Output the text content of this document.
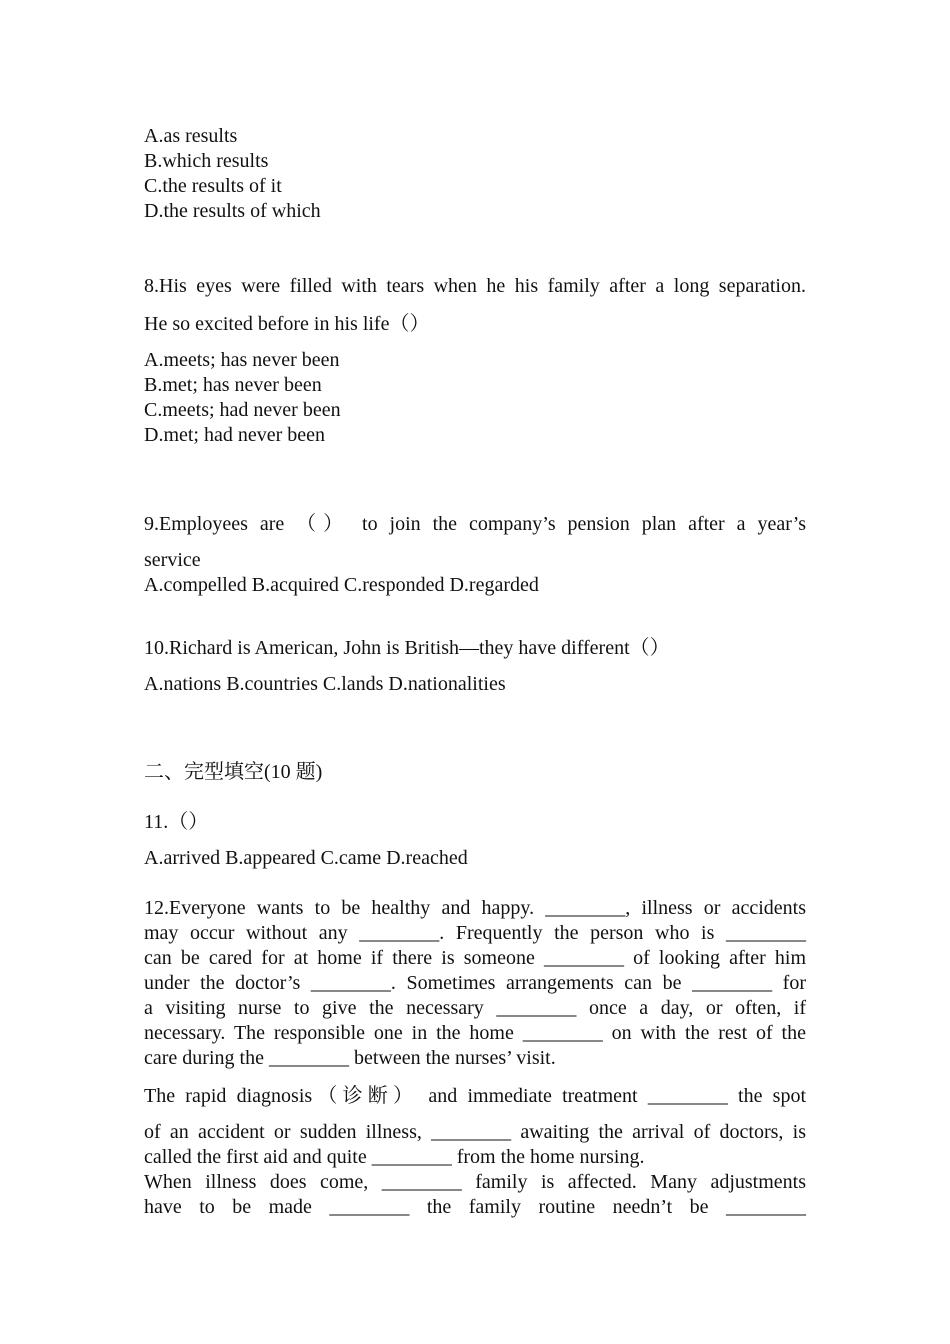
A.as results
B.which results
C.the results of it
D.the results of which
8.His eyes were filled with tears when he his family after a long separation.
He so excited before in his life（）
A.meets; has never been
B.met; has never been
C.meets; had never been
D.met; had never been
9.Employees are （） to join the company’s pension plan after a year’s
service
A.compelled B.acquired C.responded D.regarded
10.Richard is American, John is British—they have different（）
A.nations B.countries C.lands D.nationalities
二、完型填空(10 题)
11.（）
A.arrived B.appeared C.came D.reached
12.Everyone wants to be healthy and happy. ________, illness or accidents
may occur without any ________. Frequently the person who is ________
can be cared for at home if there is someone ________ of looking after him
under the doctor’s ________. Sometimes arrangements can be ________ for
a visiting nurse to give the necessary ________ once a day, or often, if
necessary. The responsible one in the home ________ on with the rest of the
care during the ________ between the nurses’ visit.
The rapid diagnosis（诊断） and immediate treatment ________ the spot
of an accident or sudden illness, ________ awaiting the arrival of doctors, is
called the first aid and quite ________ from the home nursing.
When illness does come, ________ family is affected. Many adjustments
have to be made ________ the family routine needn’t be ________
